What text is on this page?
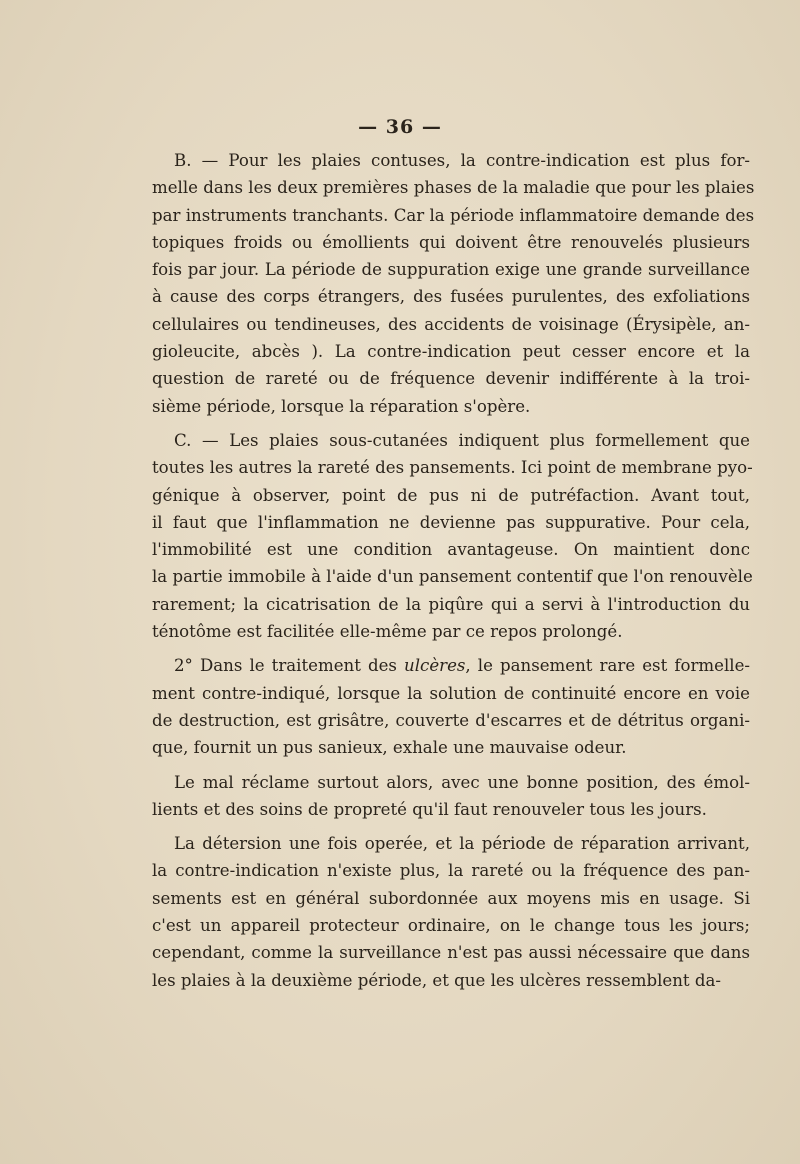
— 36 —
B. — Pour les plaies contuses, la contre-indication est plus for-
melle dans les deux premières phases de la maladie que pour les plaies
par instruments tranchants. Car la période inflammatoire demande des
topiques froids ou émollients qui doivent être renouvelés plusieurs
fois par jour. La période de suppuration exige une grande surveillance
à cause des corps étrangers, des fusées purulentes, des exfoliations
cellulaires ou tendineuses, des accidents de voisinage (Érysipèle, an-
gioleucite, abcès ). La contre-indication peut cesser encore et la
question de rareté ou de fréquence devenir indifférente à la troi-
sième période, lorsque la réparation s'opère.
C. — Les plaies sous-cutanées indiquent plus formellement que
toutes les autres la rareté des pansements. Ici point de membrane pyo-
génique à observer, point de pus ni de putréfaction. Avant tout,
il faut que l'inflammation ne devienne pas suppurative. Pour cela,
l'immobilité est une condition avantageuse. On maintient donc
la partie immobile à l'aide d'un pansement contentif que l'on renouvèle
rarement; la cicatrisation de la piqûre qui a servi à l'introduction du
ténotôme est facilitée elle-même par ce repos prolongé.
2° Dans le traitement des ulcères, le pansement rare est formelle-
ment contre-indiqué, lorsque la solution de continuité encore en voie
de destruction, est grisâtre, couverte d'escarres et de détritus organi-
que, fournit un pus sanieux, exhale une mauvaise odeur.
Le mal réclame surtout alors, avec une bonne position, des émol-
lients et des soins de propreté qu'il faut renouveler tous les jours.
La détersion une fois operée, et la période de réparation arrivant,
la contre-indication n'existe plus, la rareté ou la fréquence des pan-
sements est en général subordonnée aux moyens mis en usage. Si
c'est un appareil protecteur ordinaire, on le change tous les jours;
cependant, comme la surveillance n'est pas aussi nécessaire que dans
les plaies à la deuxième période, et que les ulcères ressemblent da-
